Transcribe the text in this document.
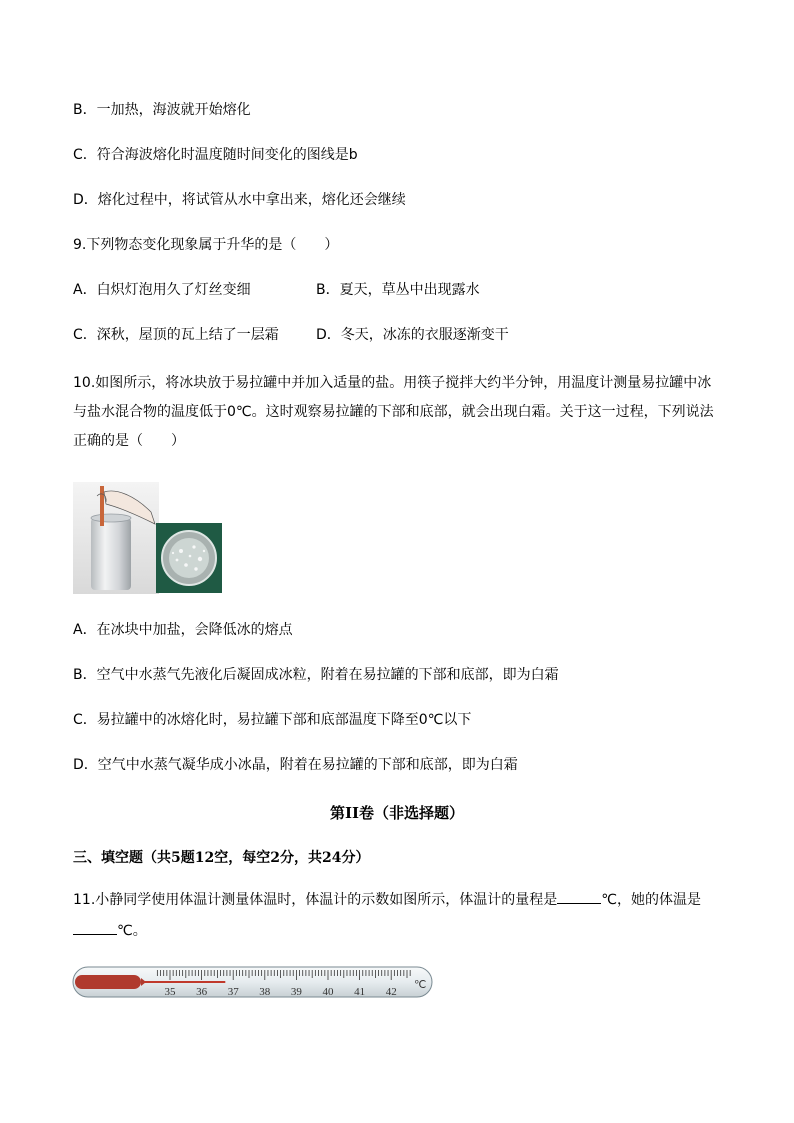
B．一加热，海波就开始熔化
C．符合海波熔化时温度随时间变化的图线是b
D．熔化过程中，将试管从水中拿出来，熔化还会继续
9.下列物态变化现象属于升华的是（　　）
A．白炽灯泡用久了灯丝变细	B．夏天，草丛中出现露水
C．深秋，屋顶的瓦上结了一层霜	D．冬天，冰冻的衣服逐渐变干
10.如图所示，将冰块放于易拉罐中并加入适量的盐。用筷子搅拌大约半分钟，用温度计测量易拉罐中冰与盐水混合物的温度低于0℃。这时观察易拉罐的下部和底部，就会出现白霜。关于这一过程，下列说法正确的是（　　）
A．在冰块中加盐，会降低冰的熔点
B．空气中水蒸气先液化后凝固成冰粒，附着在易拉罐的下部和底部，即为白霜
C．易拉罐中的冰熔化时，易拉罐下部和底部温度下降至0℃以下
D．空气中水蒸气凝华成小冰晶，附着在易拉罐的下部和底部，即为白霜
第II卷（非选择题）
三、填空题（共5题12空，每空2分，共24分）
11.小静同学使用体温计测量体温时，体温计的示数如图所示，体温计的量程是	℃，她的体温是
℃。
35 36 37 38 39 40 41 42
℃
